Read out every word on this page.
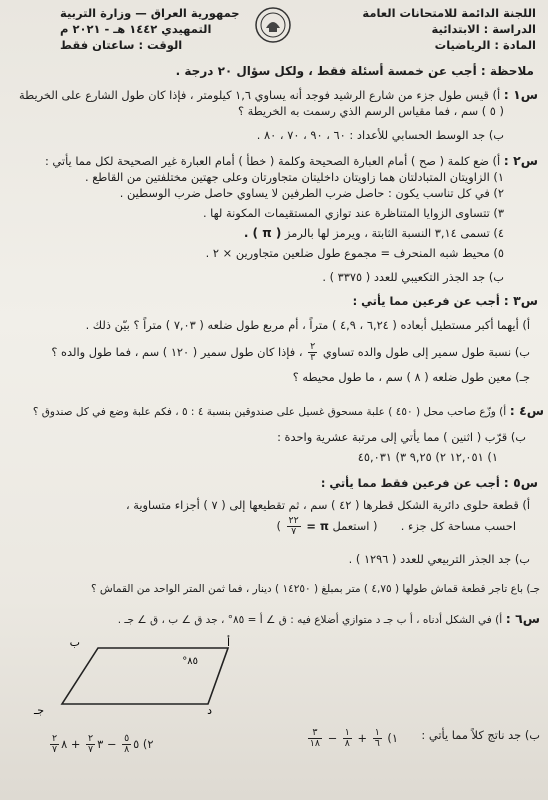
اللجنة الدائمة للامتحانات العامة
الدراسة : الابتدائية
المادة : الرياضيات
جمهورية العراق — وزارة التربية
التمهيدي ١٤٤٢ هـ - ٢٠٢١ م
الوقت : ساعتان فقط
ملاحظة : أجب عن خمسة أسئلة فقط ، ولكل سؤال ٢٠ درجة .
س١ : أ) قيس طول جزء من شارع الرشيد فوجد أنه يساوي ١,٦ كيلومتر ، فإذا كان طول الشارع على الخريطة
( ٥ ) سم ، فما مقياس الرسم الذي رسمت به الخريطة ؟
ب) جد الوسط الحسابي للأعداد : ٦٠ ، ٩٠ ، ٧٠ ، ٨٠ .
س٢ : أ) ضع كلمة ( صح ) أمام العبارة الصحيحة وكلمة ( خطأ ) أمام العبارة غير الصحيحة لكل مما يأتي :
١) الزاويتان المتبادلتان هما زاويتان داخليتان متجاورتان وعلى جهتين مختلفتين من القاطع .
٢) في كل تناسب يكون : حاصل ضرب الطرفين لا يساوي حاصل ضرب الوسطين .
٣) تتساوى الزوايا المتناظرة عند توازي المستقيمات المكونة لها .
٤) تسمى ٣,١٤ النسبة الثابتة ، ويرمز لها بالرمز ( π ) .
٥) محيط شبه المنحرف = مجموع طول ضلعين متجاورين × ٢ .
ب) جد الجذر التكعيبي للعدد ( ٣٣٧٥ ) .
س٣ : أجب عن فرعين مما يأتي :
أ) أيهما أكبر مستطيل أبعاده ( ٦,٢٤ ، ٤,٩ ) متراً ، أم مربع طول ضلعه ( ٧,٠٣ ) متراً ؟ بيّن ذلك .
ب) نسبة طول سمير إلى طول والده تساوي
$\frac{٢}{٣}$
، فإذا كان طول سمير ( ١٢٠ ) سم ، فما طول والده ؟
جـ) معين طول ضلعه ( ٨ ) سم ، ما طول محيطه ؟
س٤ : أ) وزّع صاحب محل ( ٤٥٠ ) علبة مسحوق غسيل على صندوقين بنسبة ٤ : ٥ ، فكم علبة وضع في كل صندوق ؟
ب) قرّب ( اثنين ) مما يأتي إلى مرتبة عشرية واحدة :
١) ١٢,٠٥١ ٢) ٩,٢٥ ٣) ٤٥,٠٣١
س٥ : أجب عن فرعين فقط مما يأتي :
أ) قطعة حلوى دائرية الشكل قطرها ( ٤٢ ) سم ، ثم تقطيعها إلى ( ٧ ) أجزاء متساوية ،
احسب مساحة كل جزء .  ( استعمل π =
$\frac{٢٢}{٧}$
)
ب) جد الجذر التربيعي للعدد ( ١٢٩٦ ) .
جـ) باع تاجر قطعة قماش طولها ( ٤,٧٥ ) متر بمبلغ ( ١٤٢٥٠ ) دينار ، فما ثمن المتر الواحد من القماش ؟
س٦ : أ) في الشكل أدناه ، أ ب جـ د متوازي أضلاع فيه : ق ∠ أ = ٨٥° ، جد ق ∠ ب ، ق ∠ جـ .
ب	أ
د
جـ
٨٥°
ب) جد ناتج كلاً مما يأتي :
١)
$\frac{١}{٦}$
+
$\frac{١}{٨}$
−
$\frac{٣}{١٨}$
٢) ٥
$\frac{٥}{٨}$
− ٣
$\frac{٢}{٧}$
+ ٨
$\frac{٢}{٧}$
